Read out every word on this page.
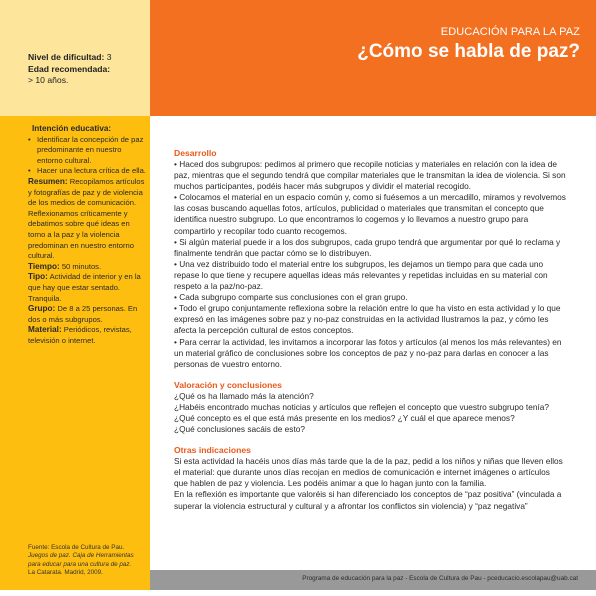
EDUCACIÓN PARA LA PAZ
¿Cómo se habla de paz?
Nivel de dificultad: 3
Edad recomendada:
> 10 años.
Intención educativa:
• Identificar la concepción de paz predominante en nuestro entorno cultural.
• Hacer una lectura crítica de ella.
Resumen: Recopilamos artículos y fotografías de paz y de violencia de los medios de comunicación. Reflexionamos críticamente y debatimos sobre qué ideas en torno a la paz y la violencia predominan en nuestro entorno cultural.
Tiempo: 50 minutos.
Tipo: Actividad de interior y en la que hay que estar sentado. Tranquila.
Grupo: De 8 a 25 personas. En dos o más subgrupos.
Material: Periódicos, revistas, televisión o internet.
Fuente: Escola de Cultura de Pau.
Juegos de paz. Caja de Herramientas para educar para una cultura de paz.
La Catarata. Madrid, 2009.
Desarrollo

• Haced dos subgrupos: pedimos al primero que recopile noticias y materiales en relación con la idea de paz, mientras que el segundo tendrá que compilar materiales que le transmitan la idea de violencia. Si son muchos participantes, podéis hacer más subgrupos y dividir el material recogido.

• Colocamos el material en un espacio común y, como si fuésemos a un mercadillo, miramos y revolvemos las cosas buscando aquellas fotos, artículos, publicidad o materiales que transmitan el concepto que identifica nuestro subgrupo. Lo que encontramos lo cogemos y lo llevamos a nuestro grupo para compartirlo y recopilar todo cuanto recogemos.

• Si algún material puede ir a los dos subgrupos, cada grupo tendrá que argumentar por qué lo reclama y finalmente tendrán que pactar cómo se lo distribuyen.

• Una vez distribuido todo el material entre los subgrupos, les dejamos un tiempo para que cada uno repase lo que tiene y recupere aquellas ideas más relevantes y repetidas incluidas en su material con respeto a la paz/no-paz.

• Cada subgrupo comparte sus conclusiones con el gran grupo.

• Todo el grupo conjuntamente reflexiona sobre la relación entre lo que ha visto en esta actividad y lo que expresó en las imágenes sobre paz y no-paz construidas en la actividad Ilustramos la paz, y cómo les afecta la percepción cultural de estos conceptos.

• Para cerrar la actividad, les invitamos a incorporar las fotos y artículos (al menos los más relevantes) en un material gráfico de conclusiones sobre los conceptos de paz y no-paz para darlas en conocer a las personas de vuestro entorno.

Valoración y conclusiones

¿Qué os ha llamado más la atención?

¿Habéis encontrado muchas noticias y artículos que reflejen el concepto que vuestro subgrupo tenía?

¿Qué concepto es el que está más presente en los medios? ¿Y cuál el que aparece menos?

¿Qué conclusiones sacáis de esto?

Otras indicaciones

Si esta actividad la hacéis unos días más tarde que la de la paz, pedid a los niños y niñas que lleven ellos el material: que durante unos días recojan en medios de comunicación e internet imágenes o artículos que hablen de paz y violencia. Les podéis animar a que lo hagan junto con la familia.

En la reflexión es importante que valoréis si han diferenciado los conceptos de “paz positiva” (vinculada a superar la violencia estructural y cultural y a afrontar los conflictos sin violencia) y “paz negativa”

Programa de educación para la paz - Escola de Cultura de Pau - pceducacio.escolapau@uab.cat
